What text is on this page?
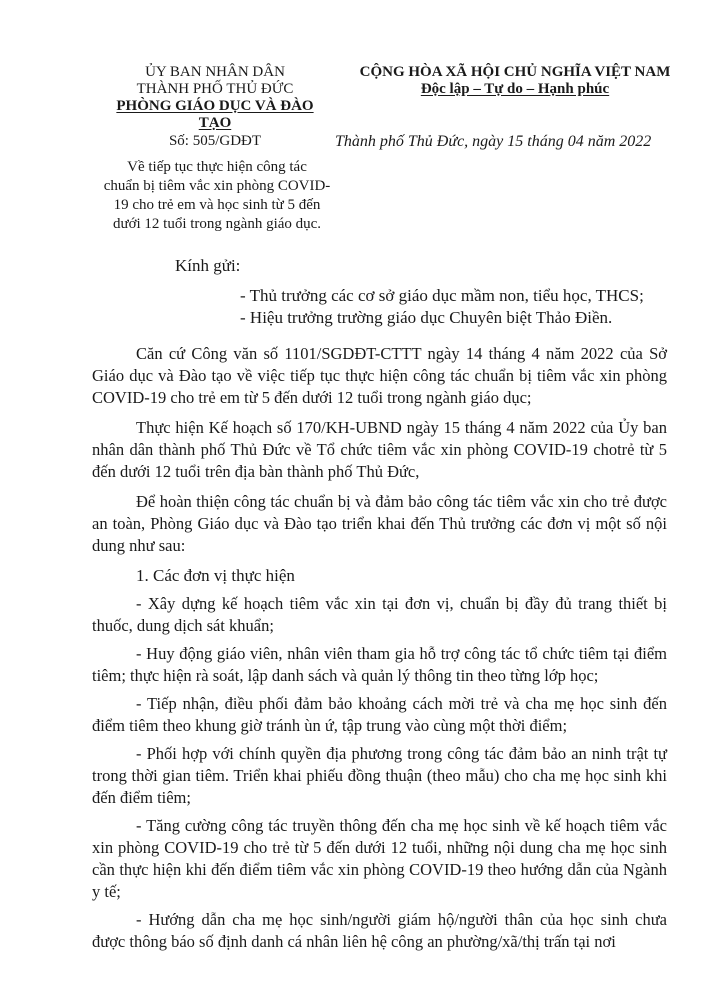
ỦY BAN NHÂN DÂN
THÀNH PHỐ THỦ ĐỨC
PHÒNG GIÁO DỤC VÀ ĐÀO TẠO
CỘNG HÒA XÃ HỘI CHỦ NGHĨA VIỆT NAM
Độc lập – Tự do – Hạnh phúc
Số: 505/GDĐT	Thành phố Thủ Đức, ngày 15 tháng 04 năm 2022
Về tiếp tục thực hiện công tác
chuẩn bị tiêm vắc xin phòng COVID-
19 cho trẻ em và học sinh từ 5 đến
dưới 12 tuổi trong ngành giáo dục.
Kính gửi:
- Thủ trưởng các cơ sở giáo dục mầm non, tiểu học, THCS;
- Hiệu trưởng trường giáo dục Chuyên biệt Thảo Điền.

Căn cứ Công văn số 1101/SGDĐT-CTTT ngày 14 tháng 4 năm 2022 của Sở Giáo dục và Đào tạo về việc tiếp tục thực hiện công tác chuẩn bị tiêm vắc xin phòng COVID-19 cho trẻ em từ 5 đến dưới 12 tuổi trong ngành giáo dục;

Thực hiện Kế hoạch số 170/KH-UBND ngày 15 tháng 4 năm 2022 của Ủy ban nhân dân thành phố Thủ Đức về Tổ chức tiêm vắc xin phòng COVID-19 chotrẻ từ 5 đến dưới 12 tuổi trên địa bàn thành phố Thủ Đức,

Để hoàn thiện công tác chuẩn bị và đảm bảo công tác tiêm vắc xin cho trẻ được an toàn, Phòng Giáo dục và Đào tạo triển khai đến Thủ trưởng các đơn vị một số nội dung như sau:

1. Các đơn vị thực hiện

- Xây dựng kế hoạch tiêm vắc xin tại đơn vị, chuẩn bị đầy đủ trang thiết bị thuốc, dung dịch sát khuẩn;

- Huy động giáo viên, nhân viên tham gia hỗ trợ công tác tổ chức tiêm tại điểm tiêm; thực hiện rà soát, lập danh sách và quản lý thông tin theo từng lớp học;

- Tiếp nhận, điều phối đảm bảo khoảng cách mời trẻ và cha mẹ học sinh đến điểm tiêm theo khung giờ tránh ùn ứ, tập trung vào cùng một thời điểm;

- Phối hợp với chính quyền địa phương trong công tác đảm bảo an ninh trật tự trong thời gian tiêm. Triển khai phiếu đồng thuận (theo mẫu) cho cha mẹ học sinh khi đến điểm tiêm;

- Tăng cường công tác truyền thông đến cha mẹ học sinh về kế hoạch tiêm vắc xin phòng COVID-19 cho trẻ từ 5 đến dưới 12 tuổi, những nội dung cha mẹ học sinh cần thực hiện khi đến điểm tiêm vắc xin phòng COVID-19 theo hướng dẫn của Ngành y tế;

- Hướng dẫn cha mẹ học sinh/người giám hộ/người thân của học sinh chưa được thông báo số định danh cá nhân liên hệ công an phường/xã/thị trấn tại nơi
